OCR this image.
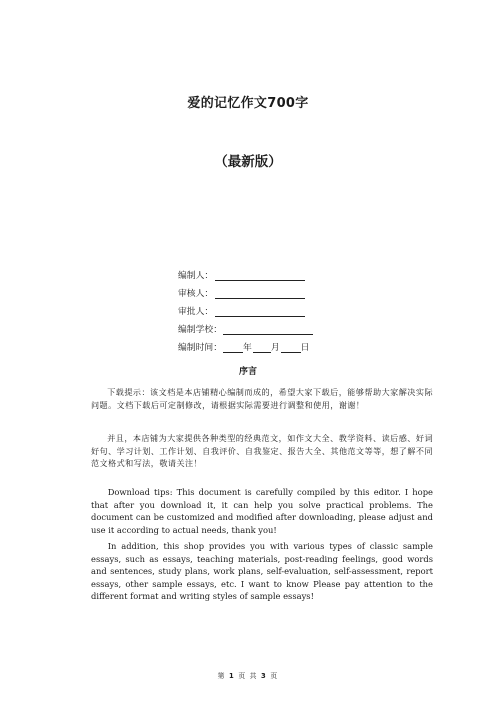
爱的记忆作文700字
（最新版）
编制人：
审核人：
审批人：
编制学校：
编制时间： 年 月 日
序言

下载提示：该文档是本店铺精心编制而成的，希望大家下载后，能够帮助大家解决实际问题。文档下载后可定制修改，请根据实际需要进行调整和使用，谢谢！

并且，本店铺为大家提供各种类型的经典范文，如作文大全、教学资料、读后感、好词好句、学习计划、工作计划、自我评价、自我鉴定、报告大全、其他范文等等，想了解不同范文格式和写法，敬请关注！

Download tips: This document is carefully compiled by this editor. I hope that after you download it, it can help you solve practical problems. The document can be customized and modified after downloading, please adjust and use it according to actual needs, thank you!

In addition, this shop provides you with various types of classic sample essays, such as essays, teaching materials, post-reading feelings, good words and sentences, study plans, work plans, self-evaluation, self-assessment, report essays, other sample essays, etc. I want to know Please pay attention to the different format and writing styles of sample essays!

第 1 页 共 3 页
